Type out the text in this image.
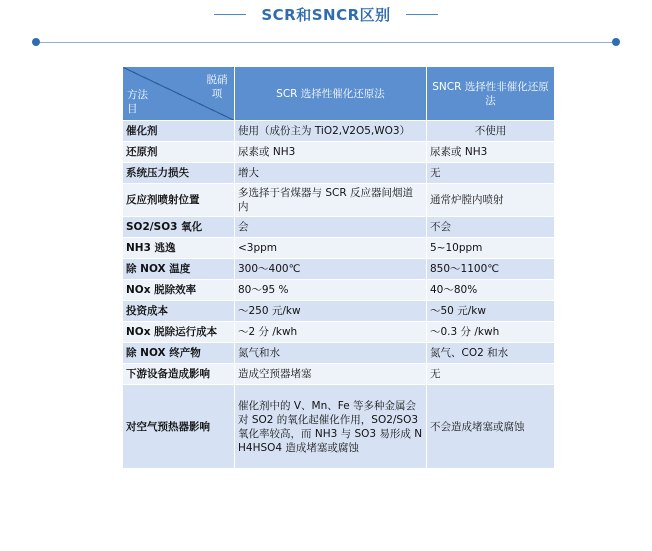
SCR和SNCR区别
脱硝项
方法目	SCR 选择性催化还原法	SNCR 选择性非催化还原法
催化剂	使用（成份主为 TiO2,V2O5,WO3）	不使用
还原剂	尿素或 NH3	尿素或 NH3
系统压力损失	增大	无
反应剂喷射位置	多选择于省煤器与 SCR 反应器间烟道内	通常炉膛内喷射
SO2/SO3 氧化	会	不会
NH3 逃逸	<3ppm	5~10ppm
除 NOX 温度	300～400℃	850～1100℃
NOx 脱除效率	80～95 %	40～80%
投资成本	～250 元/kw	～50 元/kw
NOx 脱除运行成本	～2 分 /kwh	～0.3 分 /kwh
除 NOX 终产物	氮气和水	氮气、CO2 和水
下游设备造成影响	造成空预器堵塞	无
对空气预热器影响	催化剂中的 V、Mn、Fe 等多种金属会对 SO2 的氧化起催化作用，SO2/SO3 氧化率较高，而 NH3 与 SO3 易形成 NH4HSO4 造成堵塞或腐蚀	不会造成堵塞或腐蚀
